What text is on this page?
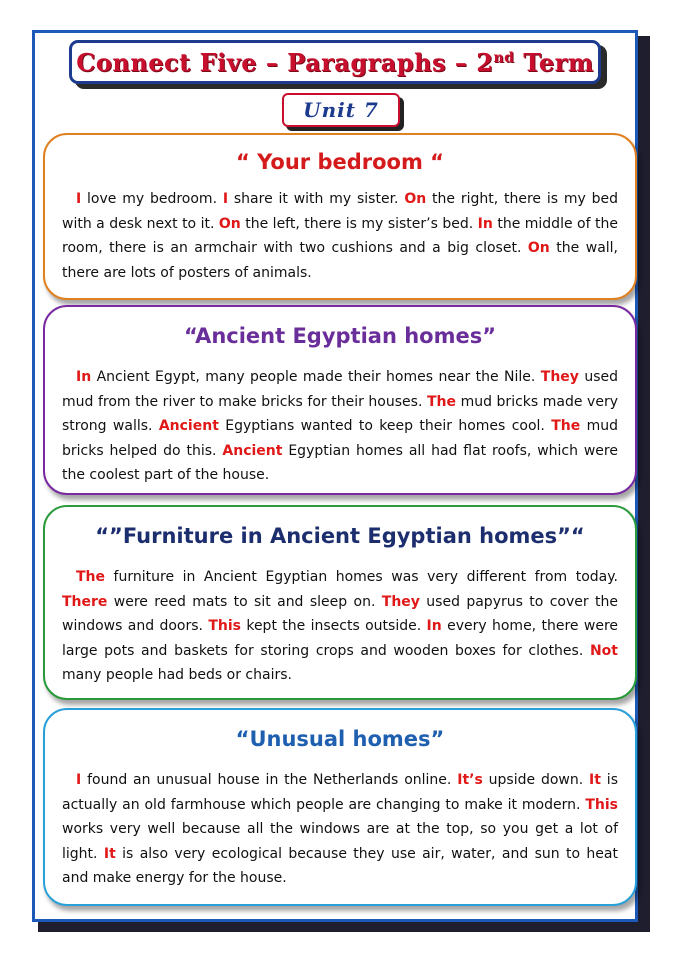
Connect Five – Paragraphs – 2nd Term
Unit 7
“ Your bedroom “

I love my bedroom. I share it with my sister. On the right, there is my bed with a desk next to it. On the left, there is my sister’s bed. In the middle of the room, there is an armchair with two cushions and a big closet. On the wall, there are lots of posters of animals.

“Ancient Egyptian homes”

In Ancient Egypt, many people made their homes near the Nile. They used mud from the river to make bricks for their houses. The mud bricks made very strong walls. Ancient Egyptians wanted to keep their homes cool. The mud bricks helped do this. Ancient Egyptian homes all had flat roofs, which were the coolest part of the house.

“”Furniture in Ancient Egyptian homes”“

The furniture in Ancient Egyptian homes was very different from today. There were reed mats to sit and sleep on. They used papyrus to cover the windows and doors. This kept the insects outside. In every home, there were large pots and baskets for storing crops and wooden boxes for clothes. Not many people had beds or chairs.

“Unusual homes”

I found an unusual house in the Netherlands online. It’s upside down. It is actually an old farmhouse which people are changing to make it modern. This works very well because all the windows are at the top, so you get a lot of light. It is also very ecological because they use air, water, and sun to heat and make energy for the house.
